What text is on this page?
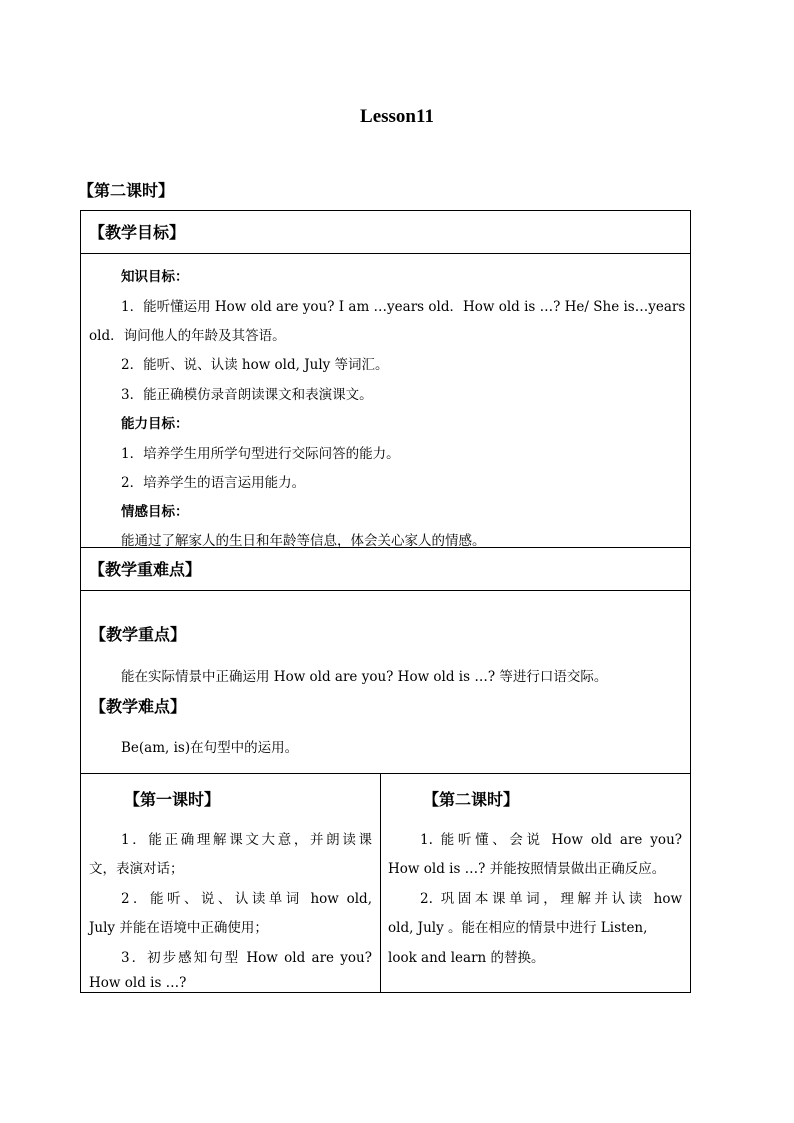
Lesson11
【第二课时】
【教学目标】
知识目标：
1．能听懂运用 How old are you? I am …years old．How old is …? He/ She is…years
old．询问他人的年龄及其答语。
2．能听、说、认读 how old, July 等词汇。
3．能正确模仿录音朗读课文和表演课文。
能力目标：
1．培养学生用所学句型进行交际问答的能力。
2．培养学生的语言运用能力。
情感目标：
能通过了解家人的生日和年龄等信息，体会关心家人的情感。
【教学重难点】
【教学重点】
能在实际情景中正确运用 How old are you? How old is …? 等进行口语交际。
【教学难点】
Be(am, is)在句型中的运用。
【第一课时】
1．能正确理解课文大意，并朗读课
文，表演对话；
2．能听、说、认读单词 how old,
July 并能在语境中正确使用；
3．初步感知句型 How old are you?
How old is …?
【第二课时】
1. 能听懂、会说 How old are you?
How old is …? 并能按照情景做出正确反应。
2. 巩固本课单词，理解并认读 how
old, July 。能在相应的情景中进行 Listen,
look and learn 的替换。
